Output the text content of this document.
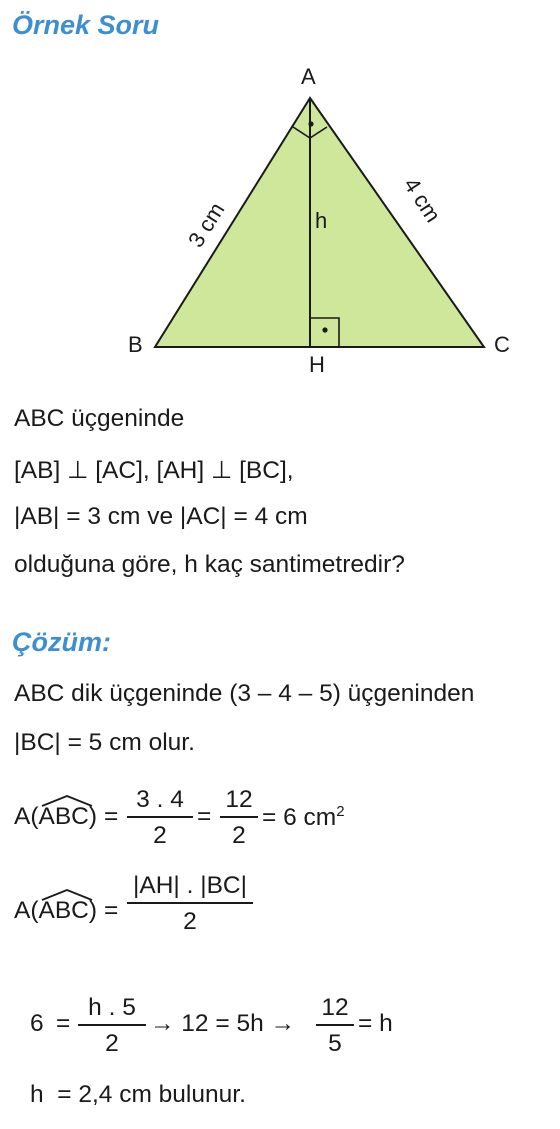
Örnek Soru
A
B	C
H
h
3 cm	4 cm
ABC üçgeninde
[AB] ⊥ [AC], [AH] ⊥ [BC],
|AB| = 3 cm ve |AC| = 4 cm
olduğuna göre, h kaç santimetredir?
Çözüm:
ABC dik üçgeninde (3 – 4 – 5) üçgeninden
|BC| = 5 cm olur.
A(
ABC) =
3 . 4
2
=
12
2
= 6 $cm^2$
A(
ABC) =
|AH| . |BC|
2
6 =
h . 5
2
→ 12 = 5h →
12
5
= h
h  = 2,4 cm bulunur.
